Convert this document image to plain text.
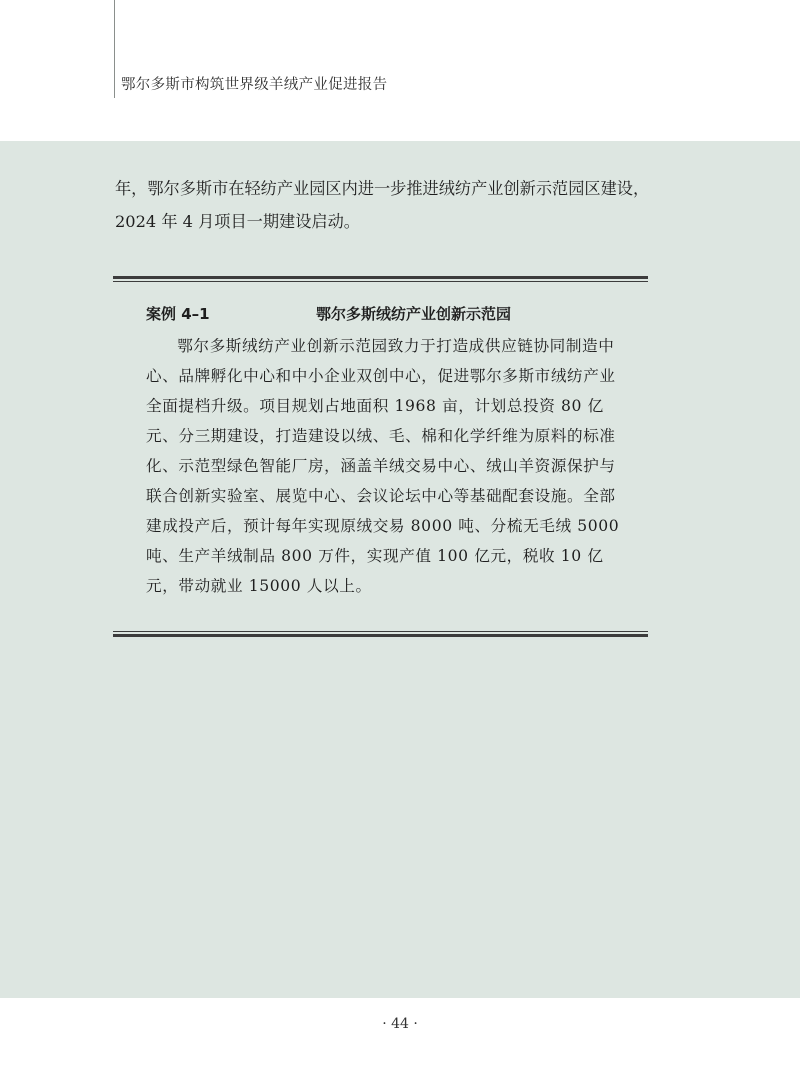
鄂尔多斯市构筑世界级羊绒产业促进报告

年，鄂尔多斯市在轻纺产业园区内进一步推进绒纺产业创新示范园区建设，2024 年 4 月项目一期建设启动。

案例 4–1	鄂尔多斯绒纺产业创新示范园

鄂尔多斯绒纺产业创新示范园致力于打造成供应链协同制造中心、品牌孵化中心和中小企业双创中心，促进鄂尔多斯市绒纺产业全面提档升级。项目规划占地面积 1968 亩，计划总投资 80 亿元、分三期建设，打造建设以绒、毛、棉和化学纤维为原料的标准化、示范型绿色智能厂房，涵盖羊绒交易中心、绒山羊资源保护与联合创新实验室、展览中心、会议论坛中心等基础配套设施。全部建成投产后，预计每年实现原绒交易 8000 吨、分梳无毛绒 5000 吨、生产羊绒制品 800 万件，实现产值 100 亿元，税收 10 亿元，带动就业 15000 人以上。

· 44 ·
